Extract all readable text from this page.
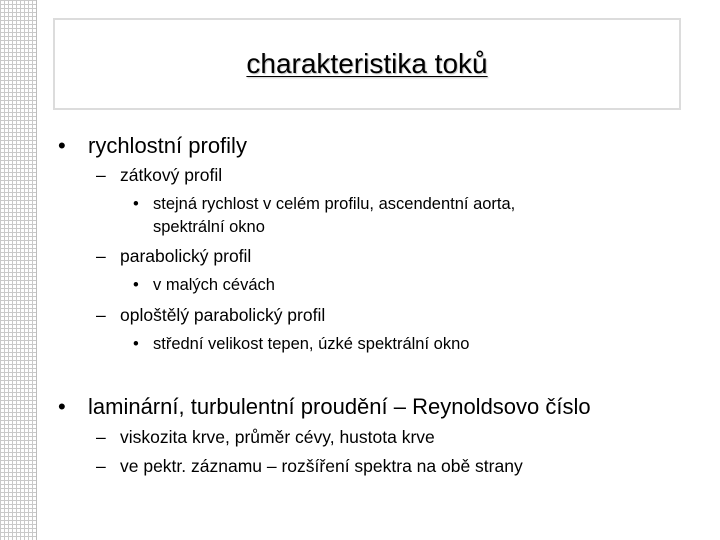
charakteristika toků
• rychlostní profily
– zátkový profil
• stejná rychlost v celém profilu, ascendentní aorta,
spektrální okno
– parabolický profil
• v malých cévách
– oploštělý parabolický profil
• střední velikost tepen, úzké spektrální okno
• laminární, turbulentní proudění – Reynoldsovo číslo
– viskozita krve, průměr cévy, hustota krve
– ve pektr. záznamu – rozšíření spektra na obě strany
